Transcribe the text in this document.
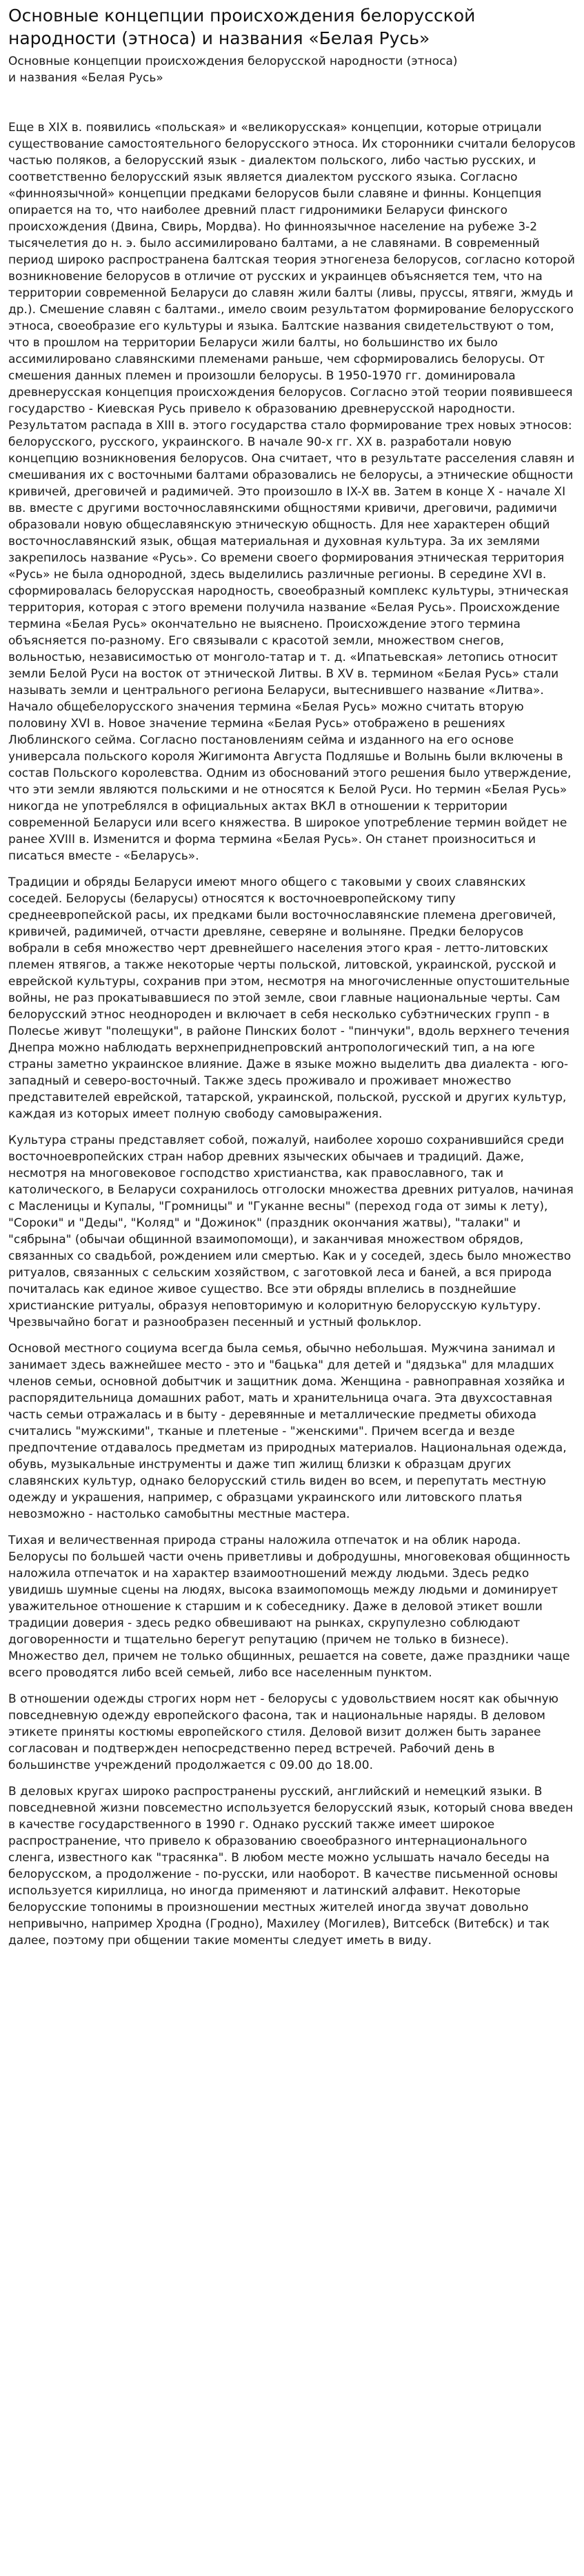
Основные концепции происхождения белорусской народности (этноса) и названия «Белая Русь»
Основные концепции происхождения белорусской народности (этноса)
и названия «Белая Русь»

Еще в XIX в. появились «польская» и «великорусская» концепции, которые отрицали существование самостоятельного белорусского этноса. Их сторонники считали белорусов частью поляков, а белорусский язык - диалектом польского, либо частью русских, и соответственно белорусский язык является диалектом русского языка. Согласно «финноязычной» концепции предками белорусов были славяне и финны. Концепция опирается на то, что наиболее древний пласт гидронимики Беларуси финского происхождения (Двина, Свирь, Мордва). Но финноязычное население на рубеже 3-2 тысячелетия до н. э. было ассимилировано балтами, а не славянами. В современный период широко распространена балтская теория этногенеза белорусов, согласно которой возникновение белорусов в отличие от русских и украинцев объясняется тем, что на территории современной Беларуси до славян жили балты (ливы, пруссы, ятвяги, жмудь и др.). Смешение славян с балтами., имело своим результатом формирование белорусского этноса, своеобразие его культуры и языка. Балтские названия свидетельствуют о том, что в прошлом на территории Беларуси жили балты, но большинство их было ассимилировано славянскими племенами раньше, чем сформировались белорусы. От смешения данных племен и произошли белорусы. В 1950-1970 гг. доминировала древнерусская концепция происхождения белорусов. Согласно этой теории появившееся государство - Киевская Русь привело к образованию древнерусской народности. Результатом распада в XIII в. этого государства стало формирование трех новых этносов: белорусского, русского, украинского. В начале 90-х гг. XX в. разработали новую концепцию возникновения белорусов. Она считает, что в результате расселения славян и смешивания их с восточными балтами образовались не белорусы, а этнические общности кривичей, дреговичей и радимичей. Это произошло в IX-X вв. Затем в конце X - начале XI вв. вместе с другими восточнославянскими общностями кривичи, дреговичи, радимичи образовали новую общеславянскую этническую общность. Для нее характерен общий восточнославянский язык, общая материальная и духовная культура. За их землями закрепилось название «Русь». Со времени своего формирования этническая территория «Русь» не была однородной, здесь выделились различные регионы. В середине XVI в. сформировалась белорусская народность, своеобразный комплекс культуры, этническая территория, которая с этого времени получила название «Белая Русь». Происхождение термина «Белая Русь» окончательно не выяснено. Происхождение этого термина объясняется по-разному. Его связывали с красотой земли, множеством снегов, вольностью, независимостью от монголо-татар и т. д. «Ипатьевская» летопись относит земли Белой Руси на восток от этнической Литвы. В XV в. термином «Белая Русь» стали называть земли и центрального региона Беларуси, вытеснившего название «Литва». Начало общебелорусского значения термина «Белая Русь» можно считать вторую половину XVI в. Новое значение термина «Белая Русь» отображено в решениях Люблинского сейма. Согласно постановлениям сейма и изданного на его основе универсала польского короля Жигимонта Августа Подляшье и Волынь были включены в состав Польского королевства. Одним из обоснований этого решения было утверждение, что эти земли являются польскими и не относятся к Белой Руси. Но термин «Белая Русь» никогда не употреблялся в официальных актах ВКЛ в отношении к территории современной Беларуси или всего княжества. В широкое употребление термин войдет не ранее XVIII в. Изменится и форма термина «Белая Русь». Он станет произноситься и писаться вместе - «Беларусь».

Традиции и обряды Беларуси имеют много общего с таковыми у своих славянских соседей. Белорусы (беларусы) относятся к восточноевропейскому типу среднеевропейской расы, их предками были восточнославянские племена дреговичей, кривичей, радимичей, отчасти древляне, северяне и волыняне. Предки белорусов вобрали в себя множество черт древнейшего населения этого края - летто-литовских племен ятвягов, а также некоторые черты польской, литовской, украинской, русской и еврейской культуры, сохранив при этом, несмотря на многочисленные опустошительные войны, не раз прокатывавшиеся по этой земле, свои главные национальные черты. Сам белорусский этнос неоднороден и включает в себя несколько субэтнических групп - в Полесье живут "полещуки", в районе Пинских болот - "пинчуки", вдоль верхнего течения Днепра можно наблюдать верхнеприднепровский антропологический тип, а на юге страны заметно украинское влияние. Даже в языке можно выделить два диалекта - юго-западный и северо-восточный. Также здесь проживало и проживает множество представителей еврейской, татарской, украинской, польской, русской и других культур, каждая из которых имеет полную свободу самовыражения.

Культура страны представляет собой, пожалуй, наиболее хорошо сохранившийся среди восточноевропейских стран набор древних языческих обычаев и традиций. Даже, несмотря на многовековое господство христианства, как православного, так и католического, в Беларуси сохранилось отголоски множества древних ритуалов, начиная с Масленицы и Купалы, "Громницы" и "Гуканне весны" (переход года от зимы к лету), "Сороки" и "Деды", "Коляд" и "Дожинок" (праздник окончания жатвы), "талаки" и "сябрына" (обычаи общинной взаимопомощи), и заканчивая множеством обрядов, связанных со свадьбой, рождением или смертью. Как и у соседей, здесь было множество ритуалов, связанных с сельским хозяйством, с заготовкой леса и баней, а вся природа почиталась как единое живое существо. Все эти обряды вплелись в позднейшие христианские ритуалы, образуя неповторимую и колоритную белорусскую культуру. Чрезвычайно богат и разнообразен песенный и устный фольклор.

Основой местного социума всегда была семья, обычно небольшая. Мужчина занимал и занимает здесь важнейшее место - это и "бацька" для детей и "дядзька" для младших членов семьи, основной добытчик и защитник дома. Женщина - равноправная хозяйка и распорядительница домашних работ, мать и хранительница очага. Эта двухсоставная часть семьи отражалась и в быту - деревянные и металлические предметы обихода считались "мужскими", тканые и плетеные - "женскими". Причем всегда и везде предпочтение отдавалось предметам из природных материалов. Национальная одежда, обувь, музыкальные инструменты и даже тип жилищ близки к образцам других славянских культур, однако белорусский стиль виден во всем, и перепутать местную одежду и украшения, например, с образцами украинского или литовского платья невозможно - настолько самобытны местные мастера.

Тихая и величественная природа страны наложила отпечаток и на облик народа. Белорусы по большей части очень приветливы и добродушны, многовековая общинность наложила отпечаток и на характер взаимоотношений между людьми. Здесь редко увидишь шумные сцены на людях, высока взаимопомощь между людьми и доминирует уважительное отношение к старшим и к собеседнику. Даже в деловой этикет вошли традиции доверия - здесь редко обвешивают на рынках, скрупулезно соблюдают договоренности и тщательно берегут репутацию (причем не только в бизнесе). Множество дел, причем не только общинных, решается на совете, даже праздники чаще всего проводятся либо всей семьей, либо все населенным пунктом.

В отношении одежды строгих норм нет - белорусы с удовольствием носят как обычную повседневную одежду европейского фасона, так и национальные наряды. В деловом этикете приняты костюмы европейского стиля. Деловой визит должен быть заранее согласован и подтвержден непосредственно перед встречей. Рабочий день в большинстве учреждений продолжается с 09.00 до 18.00.

В деловых кругах широко распространены русский, английский и немецкий языки. В повседневной жизни повсеместно используется белорусский язык, который снова введен в качестве государственного в 1990 г. Однако русский также имеет широкое распространение, что привело к образованию своеобразного интернационального сленга, известного как "трасянка". В любом месте можно услышать начало беседы на белорусском, а продолжение - по-русски, или наоборот. В качестве письменной основы используется кириллица, но иногда применяют и латинский алфавит. Некоторые белорусские топонимы в произношении местных жителей иногда звучат довольно непривычно, например Хродна (Гродно), Махилеу (Могилев), Витсебск (Витебск) и так далее, поэтому при общении такие моменты следует иметь в виду.
